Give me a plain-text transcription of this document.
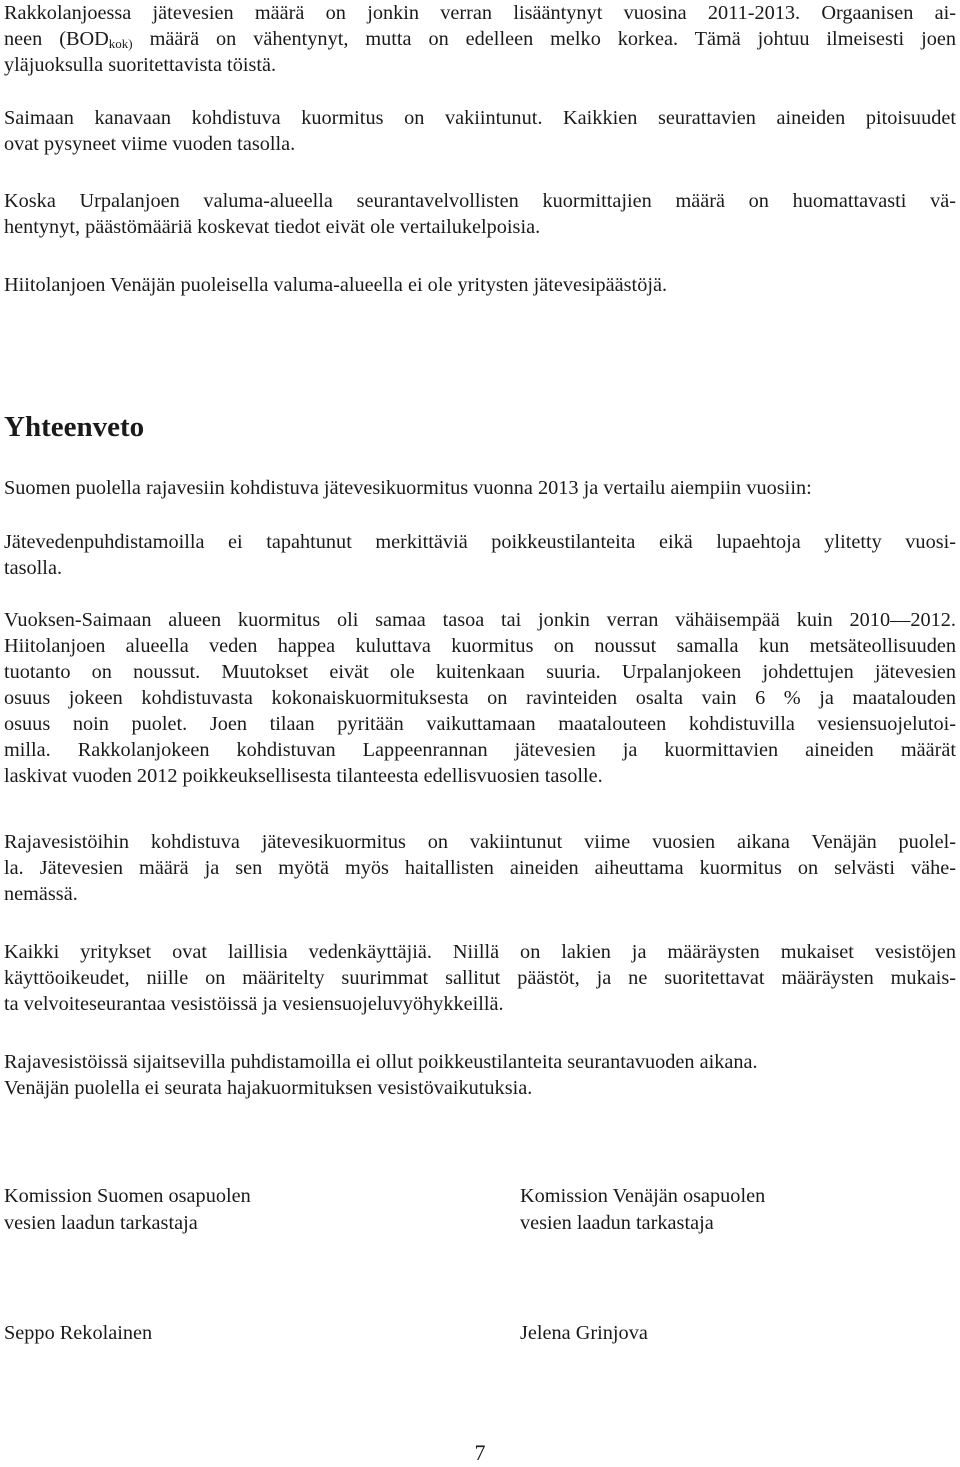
Rakkolanjoessa jätevesien määrä on jonkin verran lisääntynyt vuosina 2011-2013. Orgaanisen ai-
neen ($BOD_{kok)}$ määrä on vähentynyt, mutta on edelleen melko korkea. Tämä johtuu ilmeisesti joen
yläjuoksulla suoritettavista töistä.
Saimaan kanavaan kohdistuva kuormitus on vakiintunut. Kaikkien seurattavien aineiden pitoisuudet
ovat pysyneet viime vuoden tasolla.
Koska Urpalanjoen valuma-alueella seurantavelvollisten kuormittajien määrä on huomattavasti vä-
hentynyt, päästömääriä koskevat tiedot eivät ole vertailukelpoisia.
Hiitolanjoen Venäjän puoleisella valuma-alueella ei ole yritysten jätevesipäästöjä.
Yhteenveto
Suomen puolella rajavesiin kohdistuva jätevesikuormitus vuonna 2013 ja vertailu aiempiin vuosiin:
Jätevedenpuhdistamoilla ei tapahtunut merkittäviä poikkeustilanteita eikä lupaehtoja ylitetty vuosi-
tasolla.
Vuoksen-Saimaan alueen kuormitus oli samaa tasoa tai jonkin verran vähäisempää kuin 2010—2012.
Hiitolanjoen alueella veden happea kuluttava kuormitus on noussut samalla kun metsäteollisuuden
tuotanto on noussut. Muutokset eivät ole kuitenkaan suuria. Urpalanjokeen johdettujen jätevesien
osuus jokeen kohdistuvasta kokonaiskuormituksesta on ravinteiden osalta vain 6 % ja maatalouden
osuus noin puolet. Joen tilaan pyritään vaikuttamaan maatalouteen kohdistuvilla vesiensuojelutoi-
milla. Rakkolanjokeen kohdistuvan Lappeenrannan jätevesien ja kuormittavien aineiden määrät
laskivat vuoden 2012 poikkeuksellisesta tilanteesta edellisvuosien tasolle.
Rajavesistöihin kohdistuva jätevesikuormitus on vakiintunut viime vuosien aikana Venäjän puolel-
la. Jätevesien määrä ja sen myötä myös haitallisten aineiden aiheuttama kuormitus on selvästi vähe-
nemässä.
Kaikki yritykset ovat laillisia vedenkäyttäjiä. Niillä on lakien ja määräysten mukaiset vesistöjen
käyttöoikeudet, niille on määritelty suurimmat sallitut päästöt, ja ne suoritettavat määräysten mukais-
ta velvoiteseurantaa vesistöissä ja vesiensuojeluvyöhykkeillä.
Rajavesistöissä sijaitsevilla puhdistamoilla ei ollut poikkeustilanteita seurantavuoden aikana.
Venäjän puolella ei seurata hajakuormituksen vesistövaikutuksia.
Komission Suomen osapuolen
vesien laadun tarkastaja
Komission Venäjän osapuolen
vesien laadun tarkastaja
Seppo Rekolainen	Jelena Grinjova
7
